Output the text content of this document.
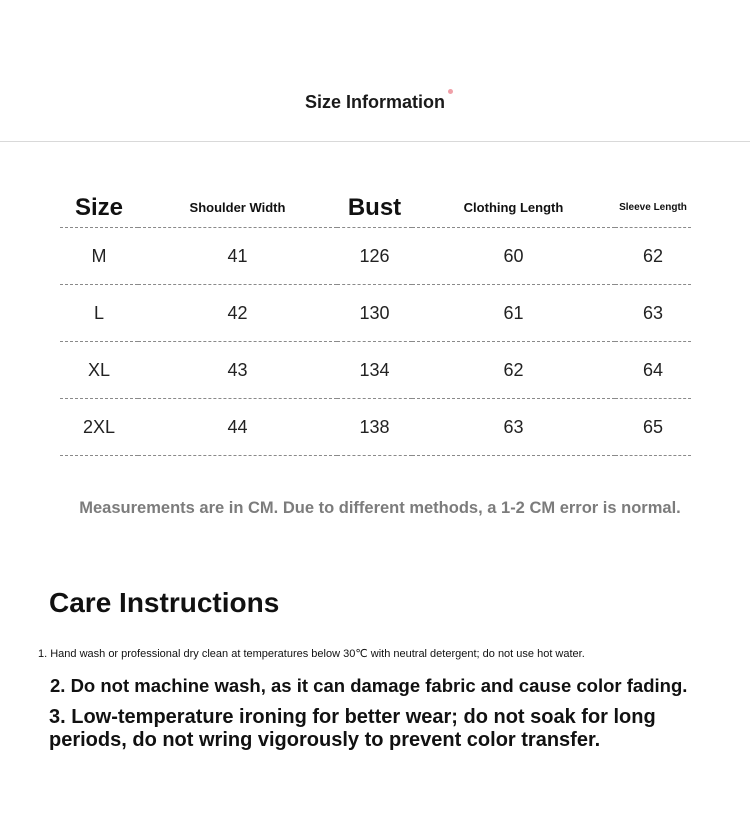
Size Information
Size	Shoulder Width	Bust	Clothing Length	Sleeve Length
M	41	126	60	62
L	42	130	61	63
XL	43	134	62	64
2XL	44	138	63	65
Measurements are in CM. Due to different methods, a 1-2 CM error is normal.
Care Instructions
1. Hand wash or professional dry clean at temperatures below 30℃ with neutral detergent; do not use hot water.
2. Do not machine wash, as it can damage fabric and cause color fading.
3. Low-temperature ironing for better wear; do not soak for long periods, do not wring vigorously to prevent color transfer.
